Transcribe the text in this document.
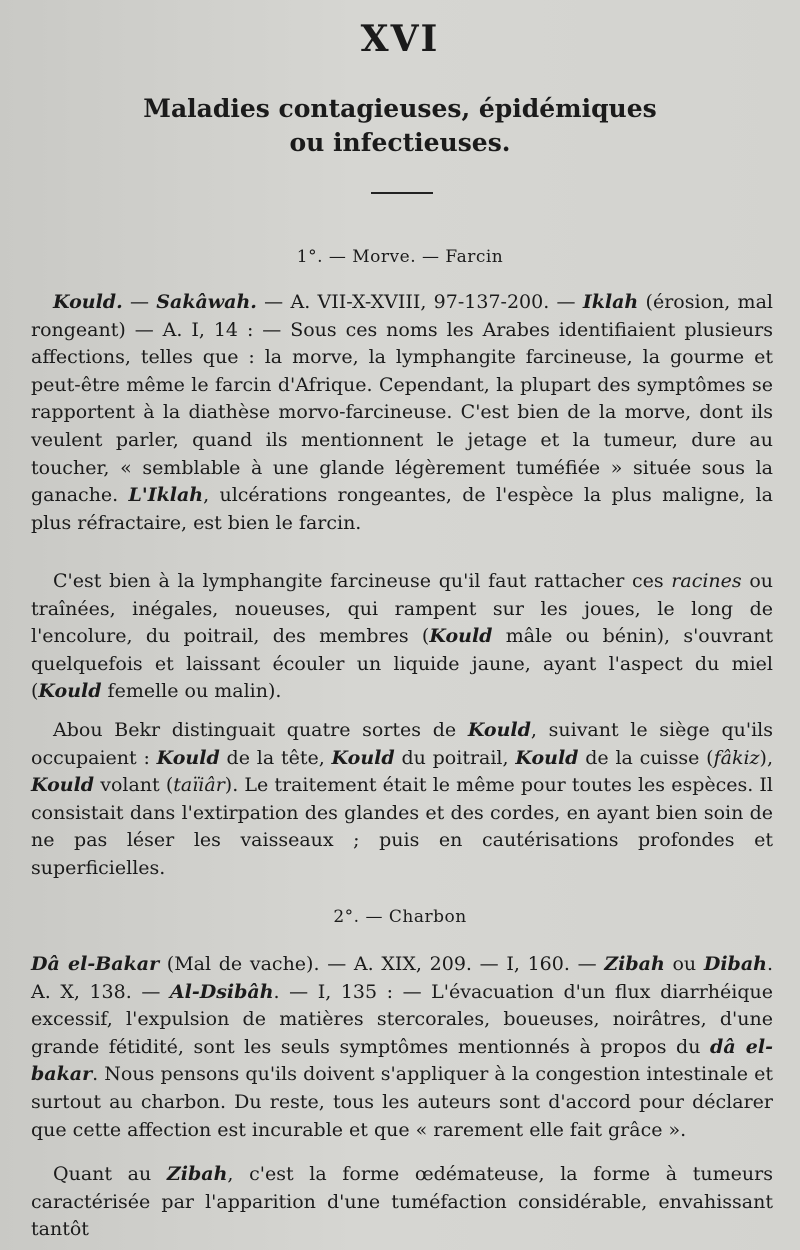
XVI
Maladies contagieuses, épidémiques
ou infectieuses.
1°. — Morve. — Farcin

Kould. — Sakâwah. — A. VII-X-XVIII, 97-137-200. — Iklah (érosion, mal rongeant) — A. I, 14 : — Sous ces noms les Arabes identifiaient plusieurs affections, telles que : la morve, la lymphangite farcineuse, la gourme et peut-être même le farcin d'Afrique. Cependant, la plupart des symptômes se rapportent à la diathèse morvo-farcineuse. C'est bien de la morve, dont ils veulent parler, quand ils mentionnent le jetage et la tumeur, dure au toucher, « semblable à une glande légèrement tuméfiée » située sous la ganache. L'Iklah, ulcérations rongeantes, de l'espèce la plus maligne, la plus réfractaire, est bien le farcin.

C'est bien à la lymphangite farcineuse qu'il faut rattacher ces racines ou traînées, inégales, noueuses, qui rampent sur les joues, le long de l'encolure, du poitrail, des membres (Kould mâle ou bénin), s'ouvrant quelquefois et laissant écouler un liquide jaune, ayant l'aspect du miel (Kould femelle ou malin).

Abou Bekr distinguait quatre sortes de Kould, suivant le siège qu'ils occupaient : Kould de la tête, Kould du poitrail, Kould de la cuisse (fâkiz), Kould volant (taïiâr). Le traitement était le même pour toutes les espèces. Il consistait dans l'extirpation des glandes et des cordes, en ayant bien soin de ne pas léser les vaisseaux ; puis en cautérisations profondes et superficielles.

2°. — Charbon

Dâ el-Bakar (Mal de vache). — A. XIX, 209. — I, 160. — Zibah ou Dibah. A. X, 138. — Al-Dsibâh. — I, 135 : — L'évacuation d'un flux diarrhéique excessif, l'expulsion de matières stercorales, boueuses, noirâtres, d'une grande fétidité, sont les seuls symptômes mentionnés à propos du dâ el-bakar. Nous pensons qu'ils doivent s'appliquer à la congestion intestinale et surtout au charbon. Du reste, tous les auteurs sont d'accord pour déclarer que cette affection est incurable et que « rarement elle fait grâce ».

Quant au Zibah, c'est la forme œdémateuse, la forme à tumeurs caractérisée par l'apparition d'une tuméfaction considérable, envahissant tantôt
